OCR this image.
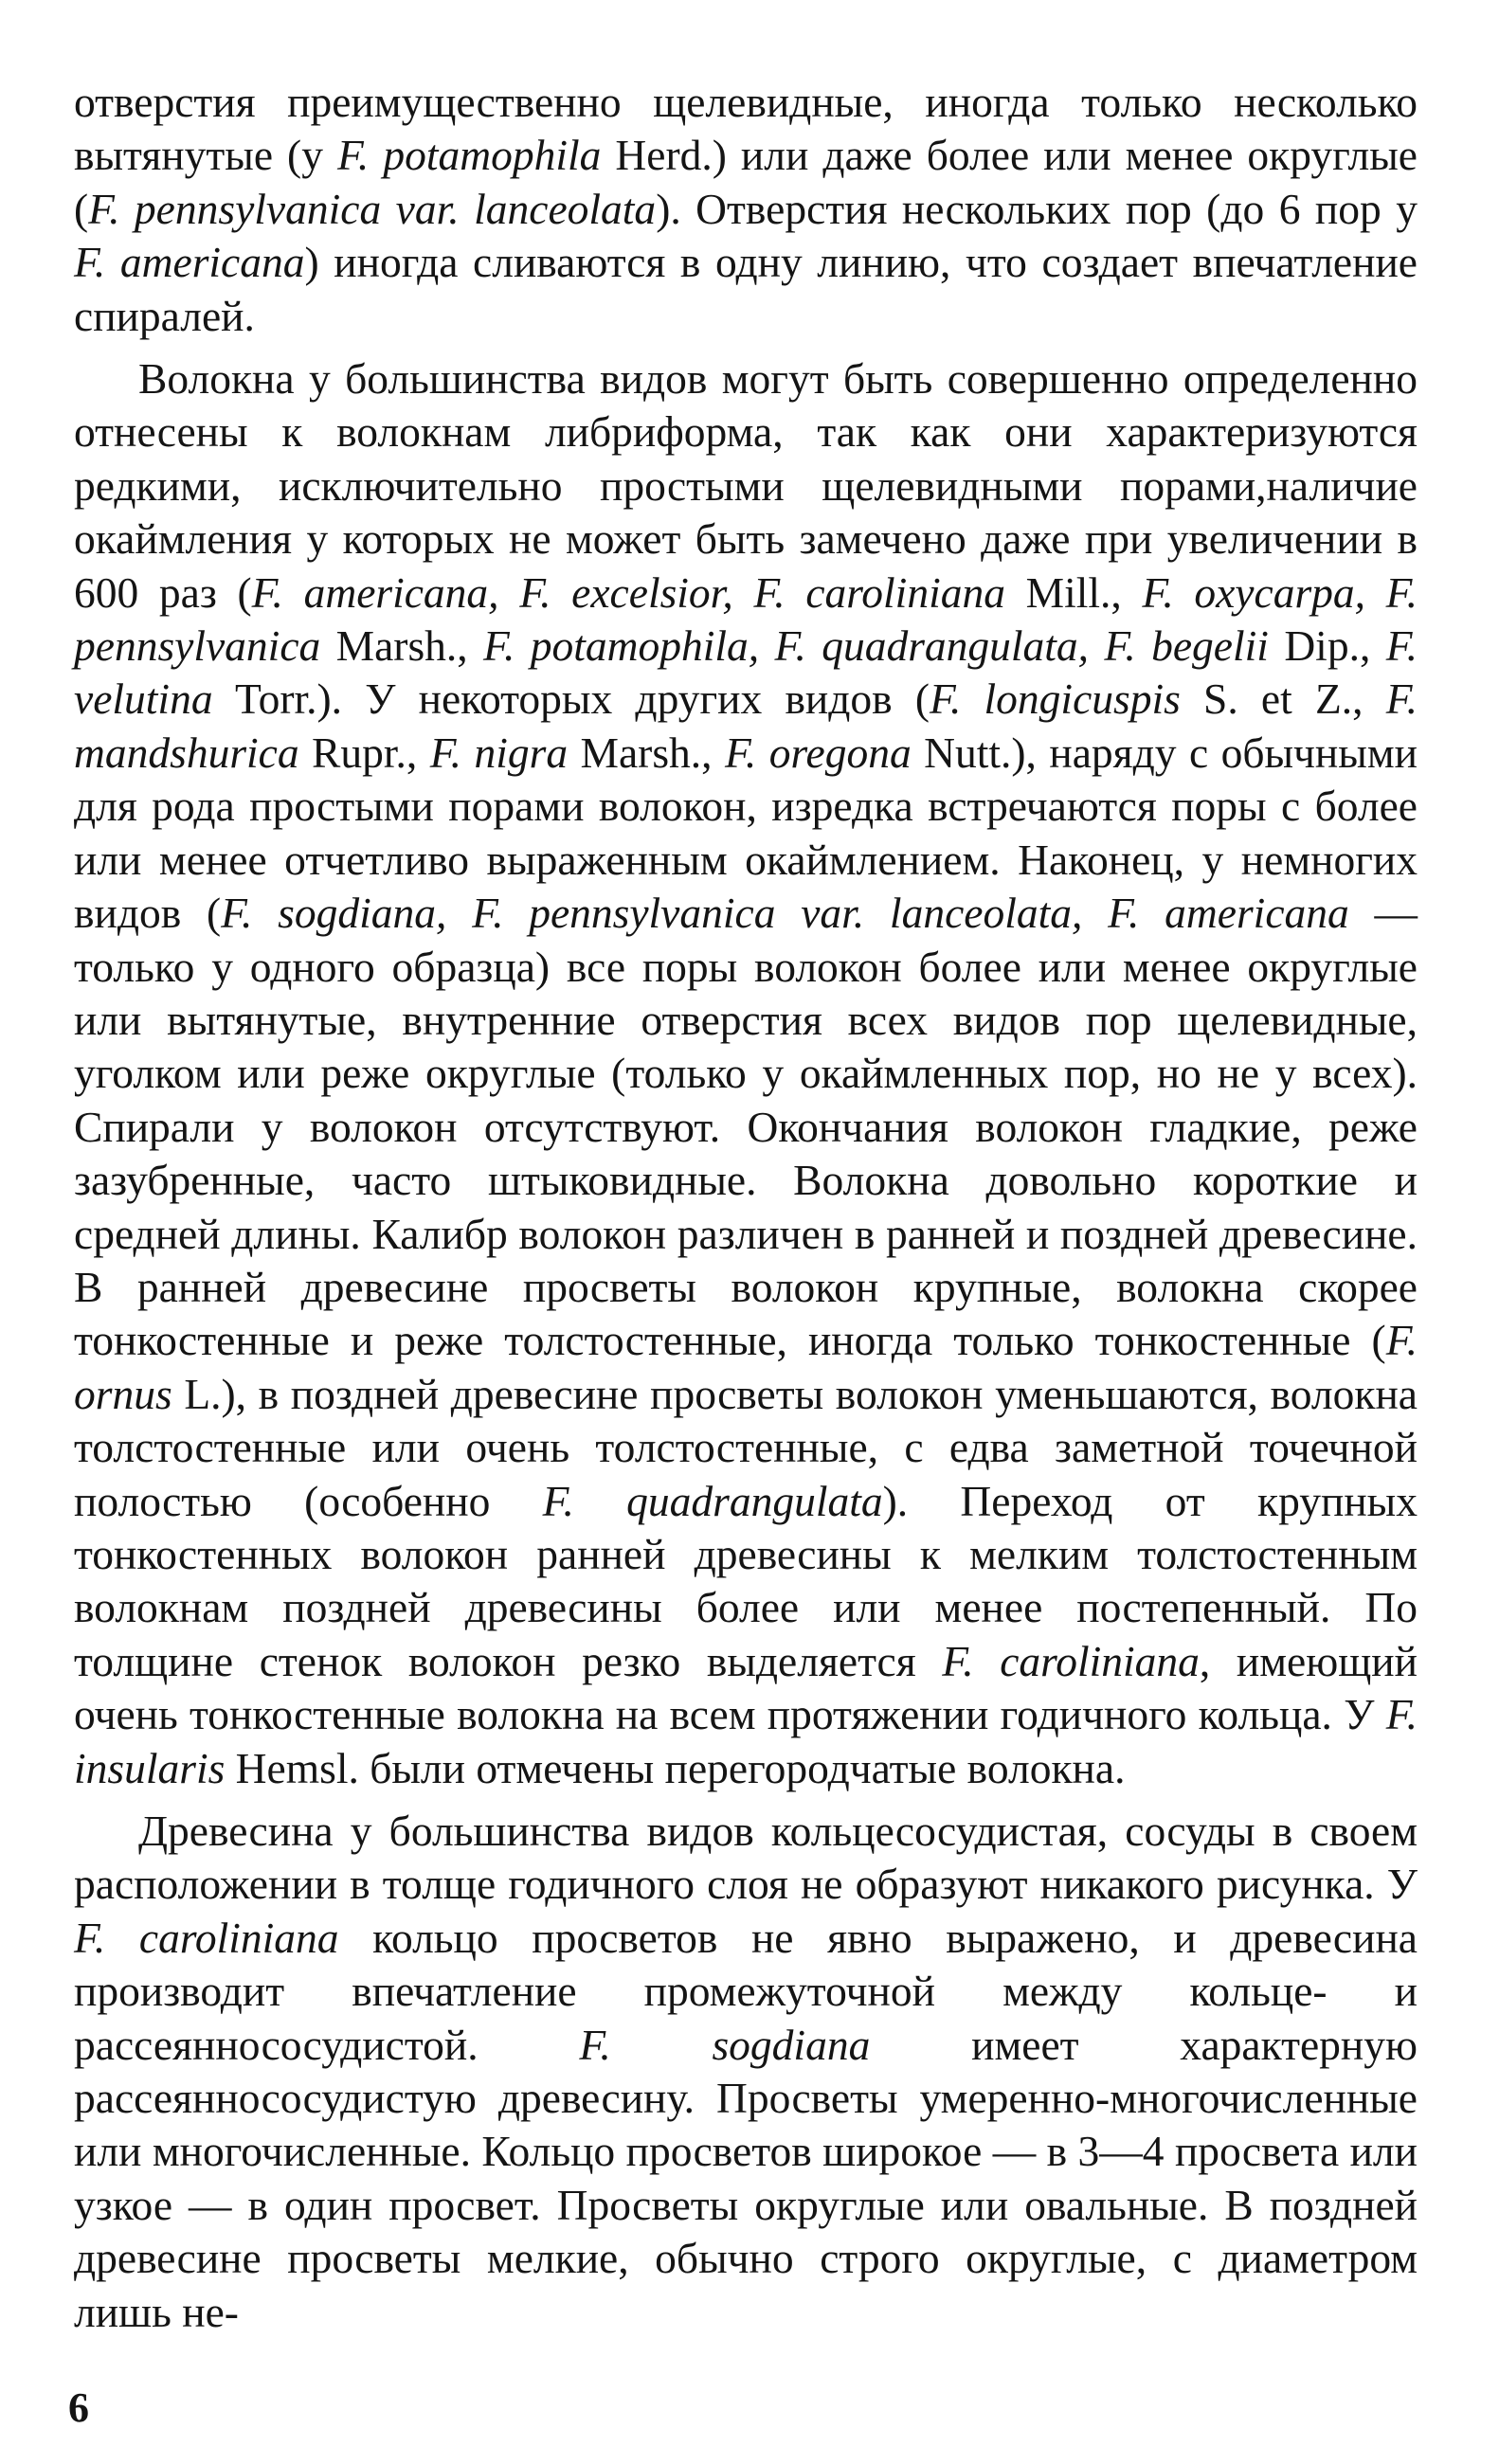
отверстия преимущественно щелевидные, иногда только несколько вытянутые (у F. potamophila Herd.) или даже более или менее округлые (F. pennsylvanica var. lanceolata). Отверстия нескольких пор (до 6 пор у F. americana) иногда сливаются в одну линию, что создает впечатление спиралей.

Волокна у большинства видов могут быть совершенно определенно отнесены к волокнам либриформа, так как они характеризуются редкими, исключительно простыми щелевидными порами,наличие окаймления у которых не может быть замечено даже при увеличении в 600 раз (F. americana, F. excelsior, F. caroliniana Mill., F. oxycarpa, F. pennsylvanica Marsh., F. potamophila, F. quadrangulata, F. begelii Dip., F. velutina Torr.). У некоторых других видов (F. longicuspis S. et Z., F. mandshurica Rupr., F. nigra Marsh., F. oregona Nutt.), наряду с обычными для рода простыми порами волокон, изредка встречаются поры с более или менее отчетливо выраженным окаймлением. Наконец, у немногих видов (F. sogdiana, F. pennsylvanica var. lanceolata, F. americana — только у одного образца) все поры волокон более или менее округлые или вытянутые, внутренние отверстия всех видов пор щелевидные, уголком или реже округлые (только у окаймленных пор, но не у всех). Спирали у волокон отсутствуют. Окончания волокон гладкие, реже зазубренные, часто штыковидные. Волокна довольно короткие и средней длины. Калибр волокон различен в ранней и поздней древесине. В ранней древесине просветы волокон крупные, волокна скорее тонкостенные и реже толстостенные, иногда только тонкостенные (F. ornus L.), в поздней древесине просветы волокон уменьшаются, волокна толстостенные или очень толстостенные, с едва заметной точечной полостью (особенно F. quadrangulata). Переход от крупных тонкостенных волокон ранней древесины к мелким толстостенным волокнам поздней древесины более или менее постепенный. По толщине стенок волокон резко выделяется F. caroliniana, имеющий очень тонкостенные волокна на всем протяжении годичного кольца. У F. insularis Hemsl. были отмечены перегородчатые волокна.

Древесина у большинства видов кольцесосудистая, сосуды в своем расположении в толще годичного слоя не образуют никакого рисунка. У F. caroliniana кольцо просветов не явно выражено, и древесина производит впечатление промежуточной между кольце- и рассеяннососудистой. F. sogdiana имеет характерную рассеяннососудистую древесину. Просветы умеренно-многочисленные или многочисленные. Кольцо просветов широкое — в 3—4 просвета или узкое — в один просвет. Просветы округлые или овальные. В поздней древесине просветы мелкие, обычно строго округлые, с диаметром лишь не-

6
